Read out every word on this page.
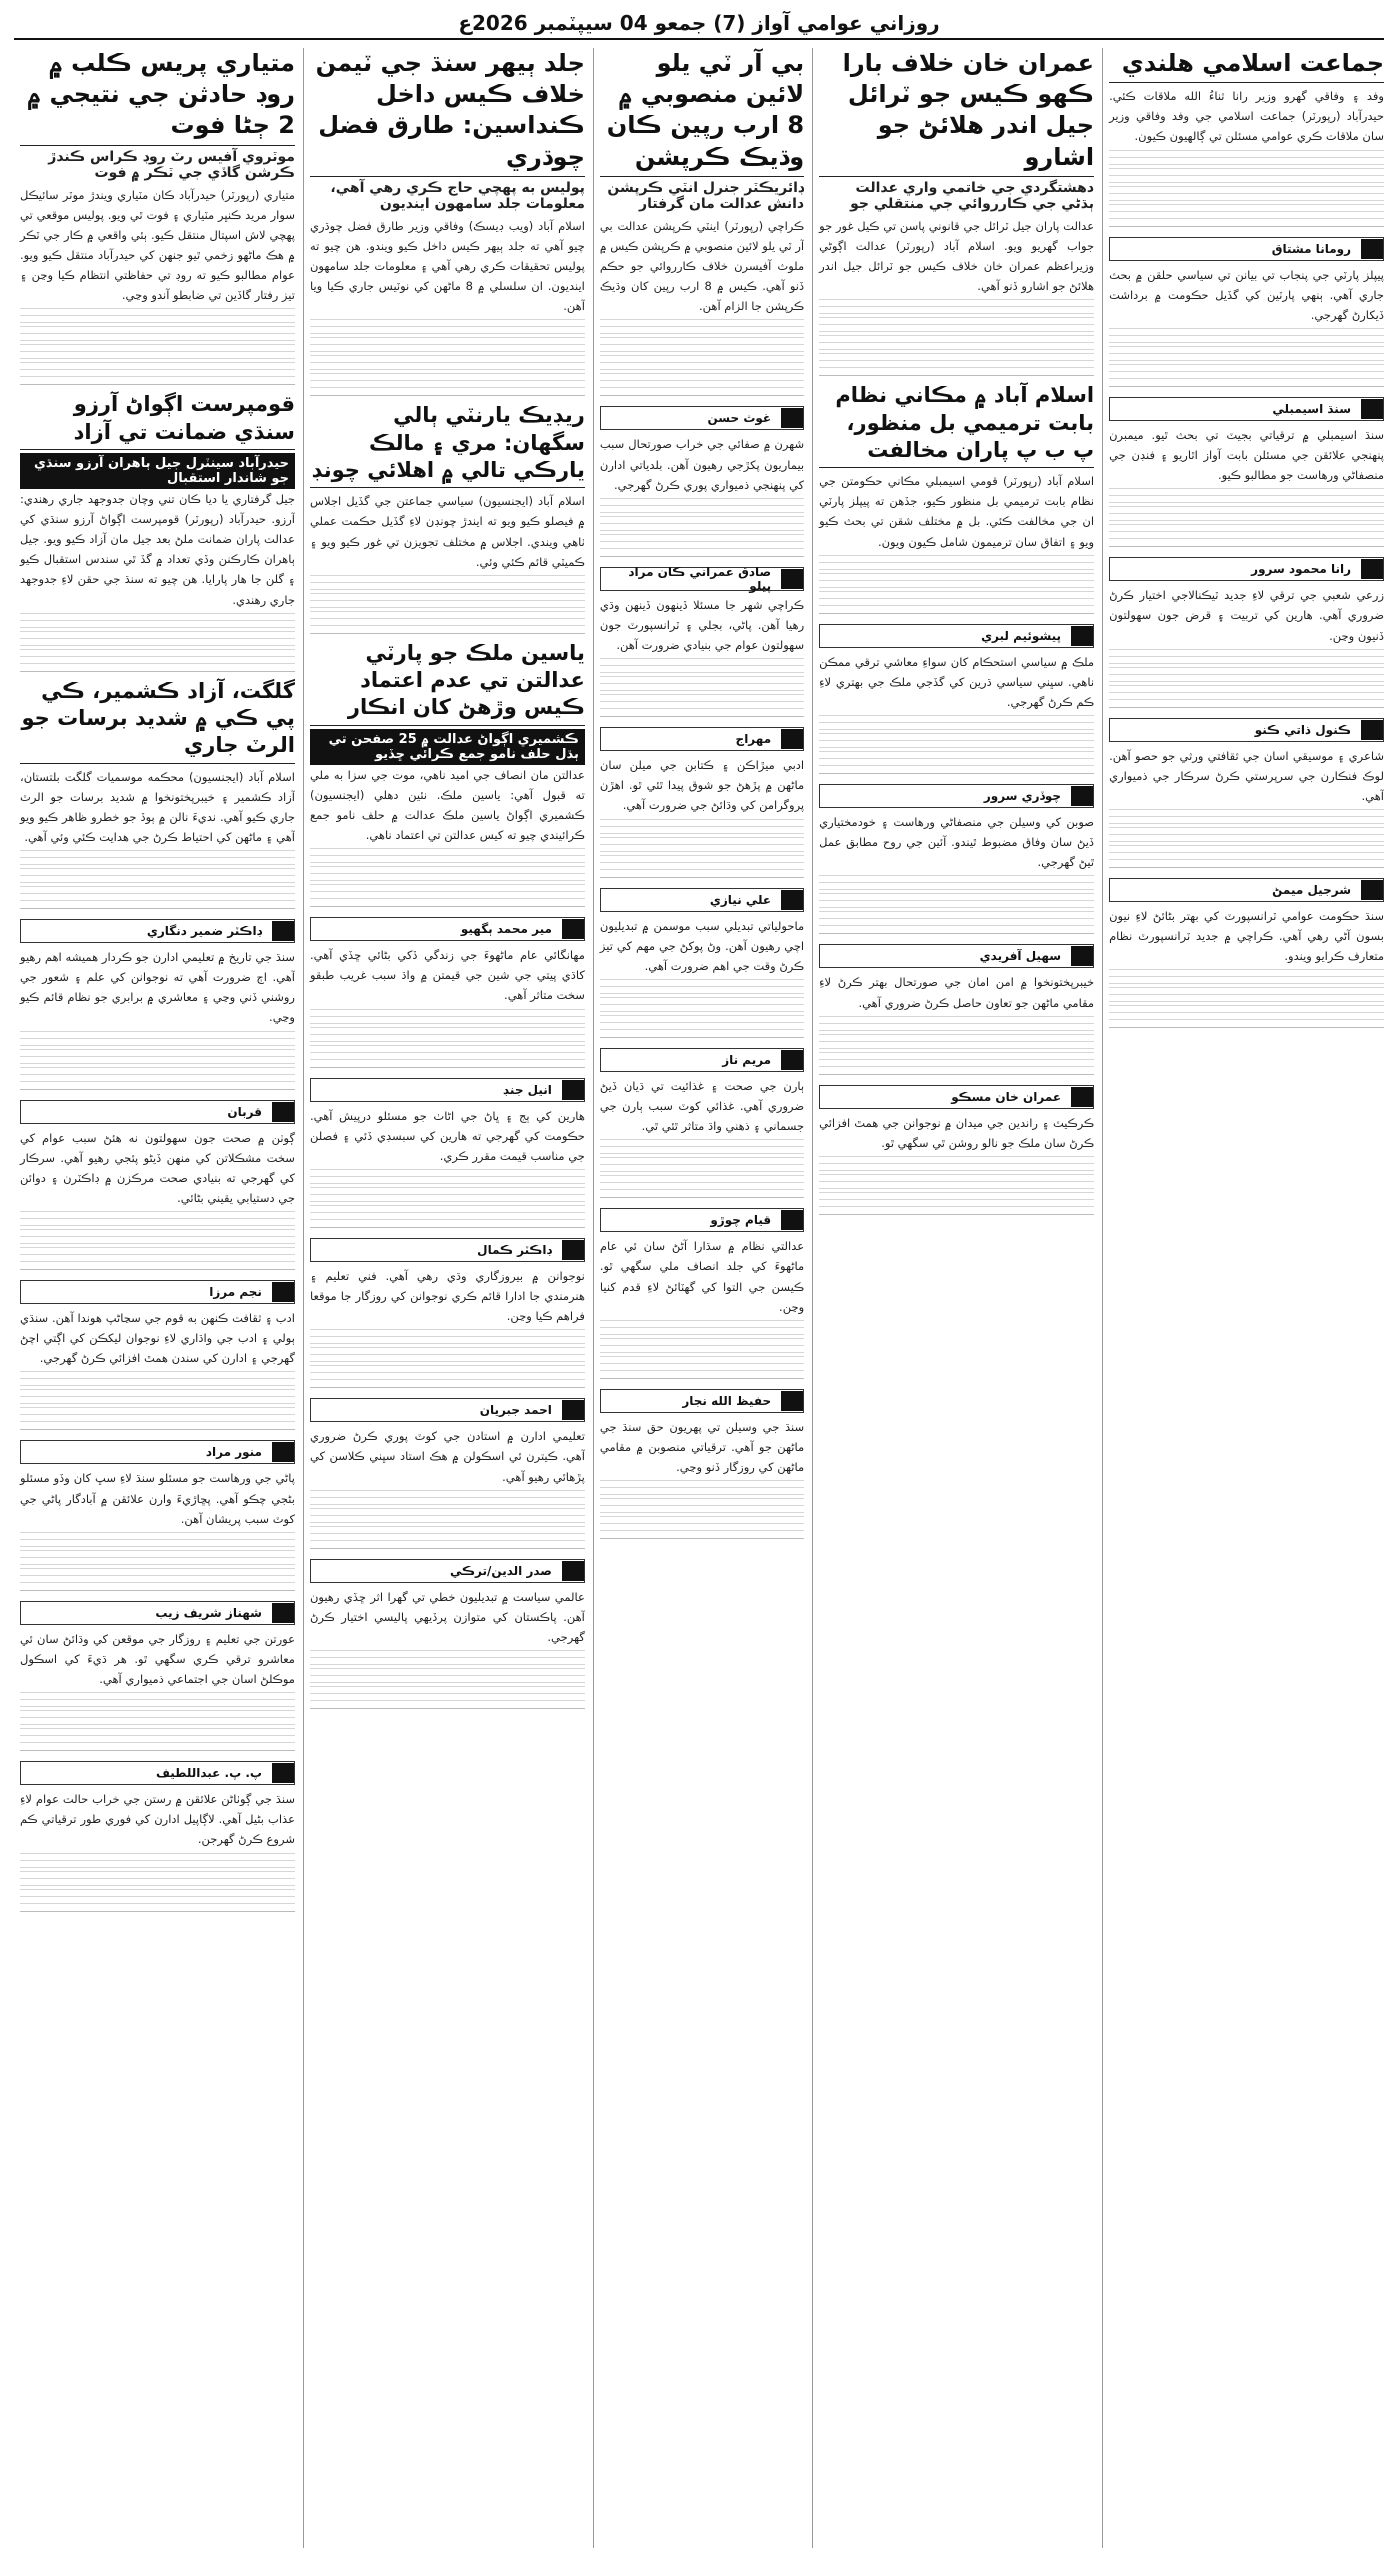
روزاني عوامي آواز (7) جمعو 04 سيپٽمبر 2026ع
جماعت اسلامي هلندي
وفد ۽ وفاقي گهرو وزير رانا ثناءُ الله ملاقات ڪئي. حيدرآباد (رپورٽر) جماعت اسلامي جي وفد وفاقي وزير سان ملاقات ڪري عوامي مسئلن تي ڳالهيون ڪيون.
رومانا مشتاق
پيپلز پارٽي جي پنجاب تي بيانن تي سياسي حلقن ۾ بحث جاري آهي. ٻنهي پارٽين کي گڏيل حڪومت ۾ برداشت ڏيکارڻ گهرجي.
سنڌ اسيمبلي
سنڌ اسيمبلي ۾ ترقياتي بجيٽ تي بحث ٿيو. ميمبرن پنهنجي علائقن جي مسئلن بابت آواز اٿاريو ۽ فنڊن جي منصفاڻي ورهاست جو مطالبو ڪيو.
رانا محمود سرور
زرعي شعبي جي ترقي لاءِ جديد ٽيڪنالاجي اختيار ڪرڻ ضروري آهي. هارين کي تربيت ۽ قرض جون سهولتون ڏنيون وڃن.
ڪنول ذاتي ڪنو
شاعري ۽ موسيقي اسان جي ثقافتي ورثي جو حصو آهن. لوڪ فنڪارن جي سرپرستي ڪرڻ سرڪار جي ذميواري آهي.
شرجيل ميمڻ
سنڌ حڪومت عوامي ٽرانسپورٽ کي بهتر بڻائڻ لاءِ نيون بسون آڻي رهي آهي. ڪراچي ۾ جديد ٽرانسپورٽ نظام متعارف ڪرايو ويندو.
عمران خان خلاف بارا ڪهو ڪيس جو ٽرائل جيل اندر هلائڻ جو اشارو
دهشتگردي جي خاتمي واري عدالت ٻڌڻي جي ڪارروائي جي منتقلي جو
عدالت پاران جيل ٽرائل جي قانوني پاسن تي ڪيل غور جو جواب گهريو ويو. اسلام آباد (رپورٽر) عدالت اڳوڻي وزيراعظم عمران خان خلاف ڪيس جو ٽرائل جيل اندر هلائڻ جو اشارو ڏنو آهي.
اسلام آباد ۾ مڪاني نظام بابت ترميمي بل منظور، پ ب پ پاران مخالفت
اسلام آباد (رپورٽر) قومي اسيمبلي مڪاني حڪومتن جي نظام بابت ترميمي بل منظور ڪيو، جڏهن ته پيپلز پارٽي ان جي مخالفت ڪئي. بل ۾ مختلف شقن تي بحث ڪيو ويو ۽ اتفاق سان ترميمون شامل ڪيون ويون.
پيشوئيم لبري
ملڪ ۾ سياسي استحڪام کان سواءِ معاشي ترقي ممڪن ناهي. سڀني سياسي ڌرين کي گڏجي ملڪ جي بهتري لاءِ ڪم ڪرڻ گهرجي.
چوڏري سرور
صوبن کي وسيلن جي منصفاڻي ورهاست ۽ خودمختياري ڏيڻ سان وفاق مضبوط ٿيندو. آئين جي روح مطابق عمل ٿيڻ گهرجي.
سهيل آفريدي
خيبرپختونخوا ۾ امن امان جي صورتحال بهتر ڪرڻ لاءِ مقامي ماڻهن جو تعاون حاصل ڪرڻ ضروري آهي.
عمران خان مسڪو
ڪرڪيٽ ۽ راندين جي ميدان ۾ نوجوانن جي همٿ افزائي ڪرڻ سان ملڪ جو نالو روشن ٿي سگهي ٿو.
بي آر ٽي يلو لائين منصوبي ۾ 8 ارب رپين ڪان وڌيڪ ڪرپشن
ڊائريڪٽر جنرل انٽي ڪرپشن دانش عدالت مان گرفتار
ڪراچي (رپورٽر) اينٽي ڪرپشن عدالت بي آر ٽي يلو لائين منصوبي ۾ ڪرپشن ڪيس ۾ ملوث آفيسرن خلاف ڪارروائي جو حڪم ڏنو آهي. ڪيس ۾ 8 ارب رپين کان وڌيڪ ڪرپشن جا الزام آهن.
غوث حسن
شهرن ۾ صفائي جي خراب صورتحال سبب بيماريون پکڙجي رهيون آهن. بلدياتي ادارن کي پنهنجي ذميواري پوري ڪرڻ گهرجي.
صادق عمراني ڪان مراد پيلو
ڪراچي شهر جا مسئلا ڏينهون ڏينهن وڌي رهيا آهن. پاڻي، بجلي ۽ ٽرانسپورٽ جون سهولتون عوام جي بنيادي ضرورت آهن.
مهراج
ادبي ميڙاڪن ۽ ڪتابن جي ميلن سان ماڻهن ۾ پڙهڻ جو شوق پيدا ٿئي ٿو. اهڙن پروگرامن کي وڌائڻ جي ضرورت آهي.
علي نيازي
ماحولياتي تبديلي سبب موسمن ۾ تبديليون اچي رهيون آهن. وڻ پوکڻ جي مهم کي تيز ڪرڻ وقت جي اهم ضرورت آهي.
مريم ناز
ٻارن جي صحت ۽ غذائيت تي ڌيان ڏيڻ ضروري آهي. غذائي کوٽ سبب ٻارن جي جسماني ۽ ذهني واڌ متاثر ٿئي ٿي.
قيام چوڙو
عدالتي نظام ۾ سڌارا آڻڻ سان ئي عام ماڻهوءَ کي جلد انصاف ملي سگهي ٿو. ڪيسن جي التوا کي گهٽائڻ لاءِ قدم کنيا وڃن.
حفيظ الله نجار
سنڌ جي وسيلن تي پهريون حق سنڌ جي ماڻهن جو آهي. ترقياتي منصوبن ۾ مقامي ماڻهن کي روزگار ڏنو وڃي.
جلد ٻيهر سنڌ جي ٽيمن خلاف ڪيس داخل ڪنداسين: طارق فضل چوڌري
پوليس به پهچي حاج ڪري رهي آهي، معلومات جلد سامهون اينديون
اسلام آباد (ويب ڊيسڪ) وفاقي وزير طارق فضل چوڌري چيو آهي ته جلد ٻيهر ڪيس داخل ڪيو ويندو. هن چيو ته پوليس تحقيقات ڪري رهي آهي ۽ معلومات جلد سامهون اينديون. ان سلسلي ۾ 8 ماڻهن کي نوٽيس جاري ڪيا ويا آهن.
ريڊيڪ يارنٽي ٻالي سگهان: مري ۽ مالڪ يارڪي تالي ۾ اهلائي چونڊ
اسلام آباد (ايجنسيون) سياسي جماعتن جي گڏيل اجلاس ۾ فيصلو ڪيو ويو ته ايندڙ چونڊن لاءِ گڏيل حڪمت عملي ٺاهي ويندي. اجلاس ۾ مختلف تجويزن تي غور ڪيو ويو ۽ ڪميٽي قائم ڪئي وئي.
ياسين ملڪ جو پارٽي عدالتن تي عدم اعتماد ڪيس وڙهڻ کان انڪار
ڪشميري اڳواڻ عدالت ۾ 25 صفحن تي ٻڌل حلف نامو جمع ڪرائي ڇڏيو
عدالتن مان انصاف جي اميد ناهي، موت جي سزا به ملي ته قبول آهي: ياسين ملڪ. نئين دهلي (ايجنسيون) ڪشميري اڳواڻ ياسين ملڪ عدالت ۾ حلف نامو جمع ڪرائيندي چيو ته کيس عدالتن تي اعتماد ناهي.
مير محمد ٻگهيو
مهانگائي عام ماڻهوءَ جي زندگي ڏکي بڻائي ڇڏي آهي. کاڌي پيتي جي شين جي قيمتن ۾ واڌ سبب غريب طبقو سخت متاثر آهي.
انيل جنڊ
هارين کي ٻج ۽ ڀاڻ جي اڻاٺ جو مسئلو درپيش آهي. حڪومت کي گهرجي ته هارين کي سبسڊي ڏئي ۽ فصلن جي مناسب قيمت مقرر ڪري.
ڊاڪٽر ڪمال
نوجوانن ۾ بيروزگاري وڌي رهي آهي. فني تعليم ۽ هنرمندي جا ادارا قائم ڪري نوجوانن کي روزگار جا موقعا فراهم ڪيا وڃن.
احمد جبريان
تعليمي ادارن ۾ استادن جي کوٽ پوري ڪرڻ ضروري آهي. ڪيترن ئي اسڪولن ۾ هڪ استاد سڀني ڪلاسن کي پڙهائي رهيو آهي.
صدر الدين/ترڪي
عالمي سياست ۾ تبديليون خطي تي گهرا اثر ڇڏي رهيون آهن. پاڪستان کي متوازن پرڏيهي پاليسي اختيار ڪرڻ گهرجي.
متياري پريس ڪلب ۾ روڊ حادثن جي نتيجي ۾ 2 ڄڻا فوت
موٽروي آفيس رٽ روڊ ڪراس ڪندڙ ڪرشن گاڏي جي ٽڪر ۾ فوت
متياري (رپورٽر) حيدرآباد ڪان مٽياري ويندڙ موٽر سائيڪل سوار مريد ڪنڀر مٽياري ۽ فوت ٿي ويو. پوليس موقعي تي پهچي لاش اسپتال منتقل ڪيو. ٻئي واقعي ۾ ڪار جي ٽڪر ۾ هڪ ماڻهو زخمي ٿيو جنهن کي حيدرآباد منتقل ڪيو ويو. عوام مطالبو ڪيو ته روڊ تي حفاظتي انتظام ڪيا وڃن ۽ تيز رفتار گاڏين تي ضابطو آندو وڃي.
قومپرست اڳواڻ آرزو سنڌي ضمانت تي آزاد
حيدرآباد سينٽرل جيل ٻاهران آرزو سنڌي جو شاندار استقبال
جيل گرفتاري يا ديا ڪان تني وچان جدوجهد جاري رهندي: آرزو. حيدرآباد (رپورٽر) قومپرست اڳواڻ آرزو سنڌي کي عدالت پاران ضمانت ملڻ بعد جيل مان آزاد ڪيو ويو. جيل ٻاهران ڪارڪنن وڏي تعداد ۾ گڏ ٿي سندس استقبال ڪيو ۽ گلن جا هار پارايا. هن چيو ته سنڌ جي حقن لاءِ جدوجهد جاري رهندي.
گلگت، آزاد ڪشمير، ڪي پي ڪي ۾ شديد برسات جو الرٽ جاري
اسلام آباد (ايجنسيون) محڪمه موسميات گلگت بلتستان، آزاد ڪشمير ۽ خيبرپختونخوا ۾ شديد برسات جو الرٽ جاري ڪيو آهي. نديءَ نالن ۾ ٻوڏ جو خطرو ظاهر ڪيو ويو آهي ۽ ماڻهن کي احتياط ڪرڻ جي هدايت ڪئي وئي آهي.
ڊاڪٽر ضمير دنگاري
سنڌ جي تاريخ ۾ تعليمي ادارن جو ڪردار هميشه اهم رهيو آهي. اڄ ضرورت آهي ته نوجوانن کي علم ۽ شعور جي روشني ڏني وڃي ۽ معاشري ۾ برابري جو نظام قائم ڪيو وڃي.
قربان
ڳوٺن ۾ صحت جون سهولتون نه هئڻ سبب عوام کي سخت مشڪلاتن کي منهن ڏيڻو پئجي رهيو آهي. سرڪار کي گهرجي ته بنيادي صحت مرڪزن ۾ ڊاڪٽرن ۽ دوائن جي دستيابي يقيني بڻائي.
نجم مرزا
ادب ۽ ثقافت ڪنهن به قوم جي سڃاڻپ هوندا آهن. سنڌي ٻولي ۽ ادب جي واڌاري لاءِ نوجوان ليکڪن کي اڳتي اچڻ گهرجي ۽ ادارن کي سندن همٿ افزائي ڪرڻ گهرجي.
منور مراد
پاڻي جي ورهاست جو مسئلو سنڌ لاءِ سڀ کان وڏو مسئلو بڻجي چڪو آهي. پڇاڙيءَ وارن علائقن ۾ آبادگار پاڻي جي کوٽ سبب پريشان آهن.
شهناز شريف زيب
عورتن جي تعليم ۽ روزگار جي موقعن کي وڌائڻ سان ئي معاشرو ترقي ڪري سگهي ٿو. هر ڌيءَ کي اسڪول موڪلڻ اسان جي اجتماعي ذميواري آهي.
پ. پ. عبداللطيف
سنڌ جي ڳوٺاڻن علائقن ۾ رستن جي خراب حالت عوام لاءِ عذاب بڻيل آهي. لاڳاپيل ادارن کي فوري طور ترقياتي ڪم شروع ڪرڻ گهرجن.
